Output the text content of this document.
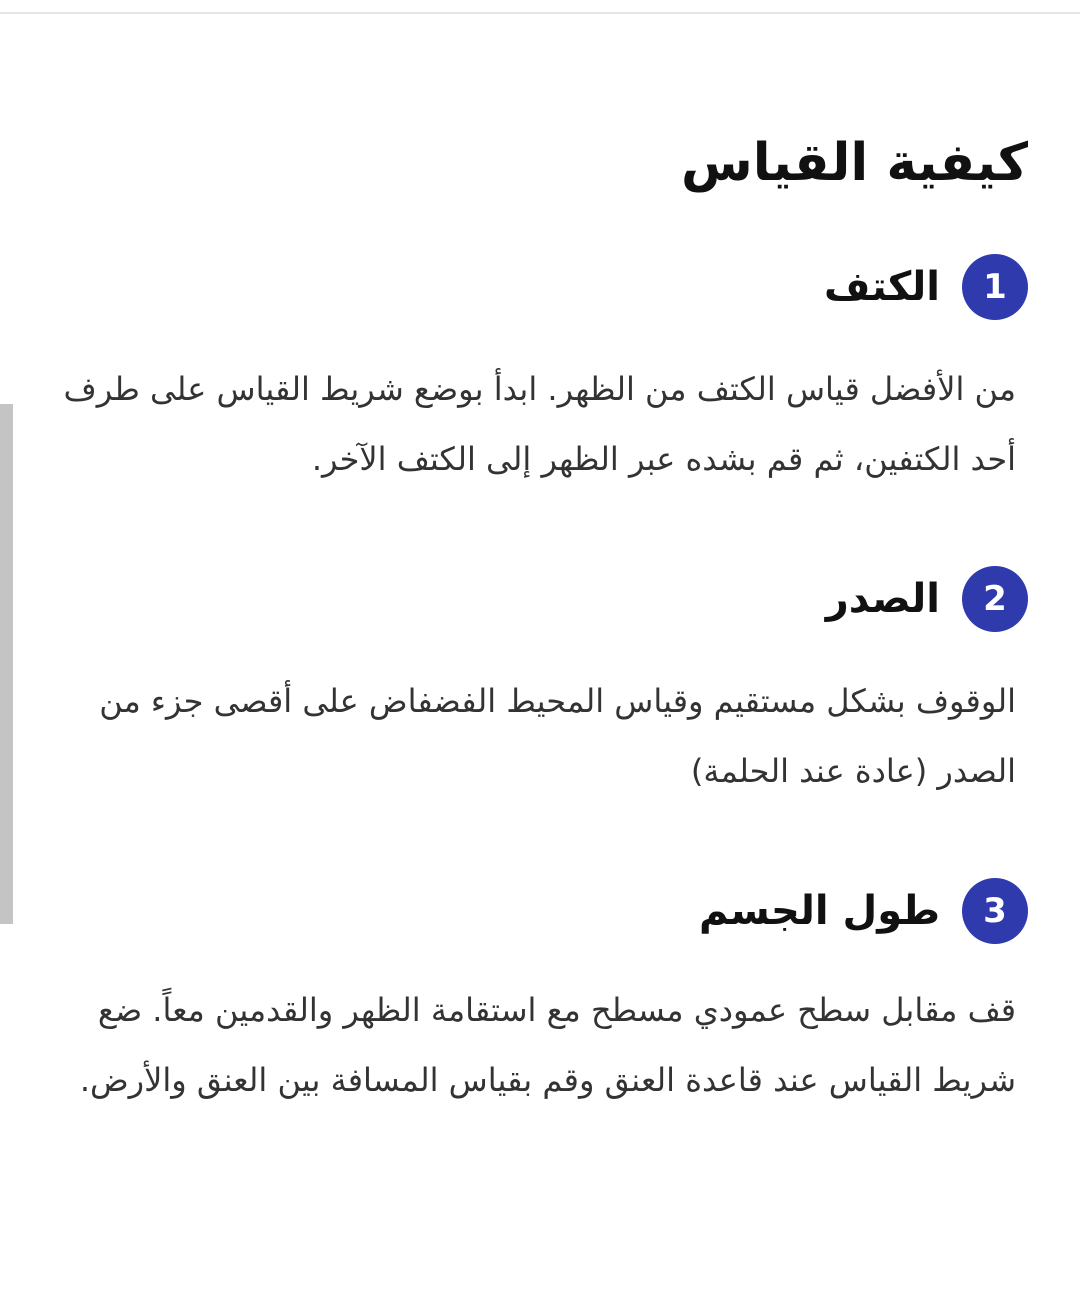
كيفية القياس
1
الكتف

من الأفضل قياس الكتف من الظهر. ابدأ بوضع شريط القياس على طرف أحد الكتفين، ثم قم بشده عبر الظهر إلى الكتف الآخر.

2
الصدر

الوقوف بشكل مستقيم وقياس المحيط الفضفاض على أقصى جزء من الصدر (عادة عند الحلمة)

3
طول الجسم

قف مقابل سطح عمودي مسطح مع استقامة الظهر والقدمين معاً. ضع شريط القياس عند قاعدة العنق وقم بقياس المسافة بين العنق والأرض.
